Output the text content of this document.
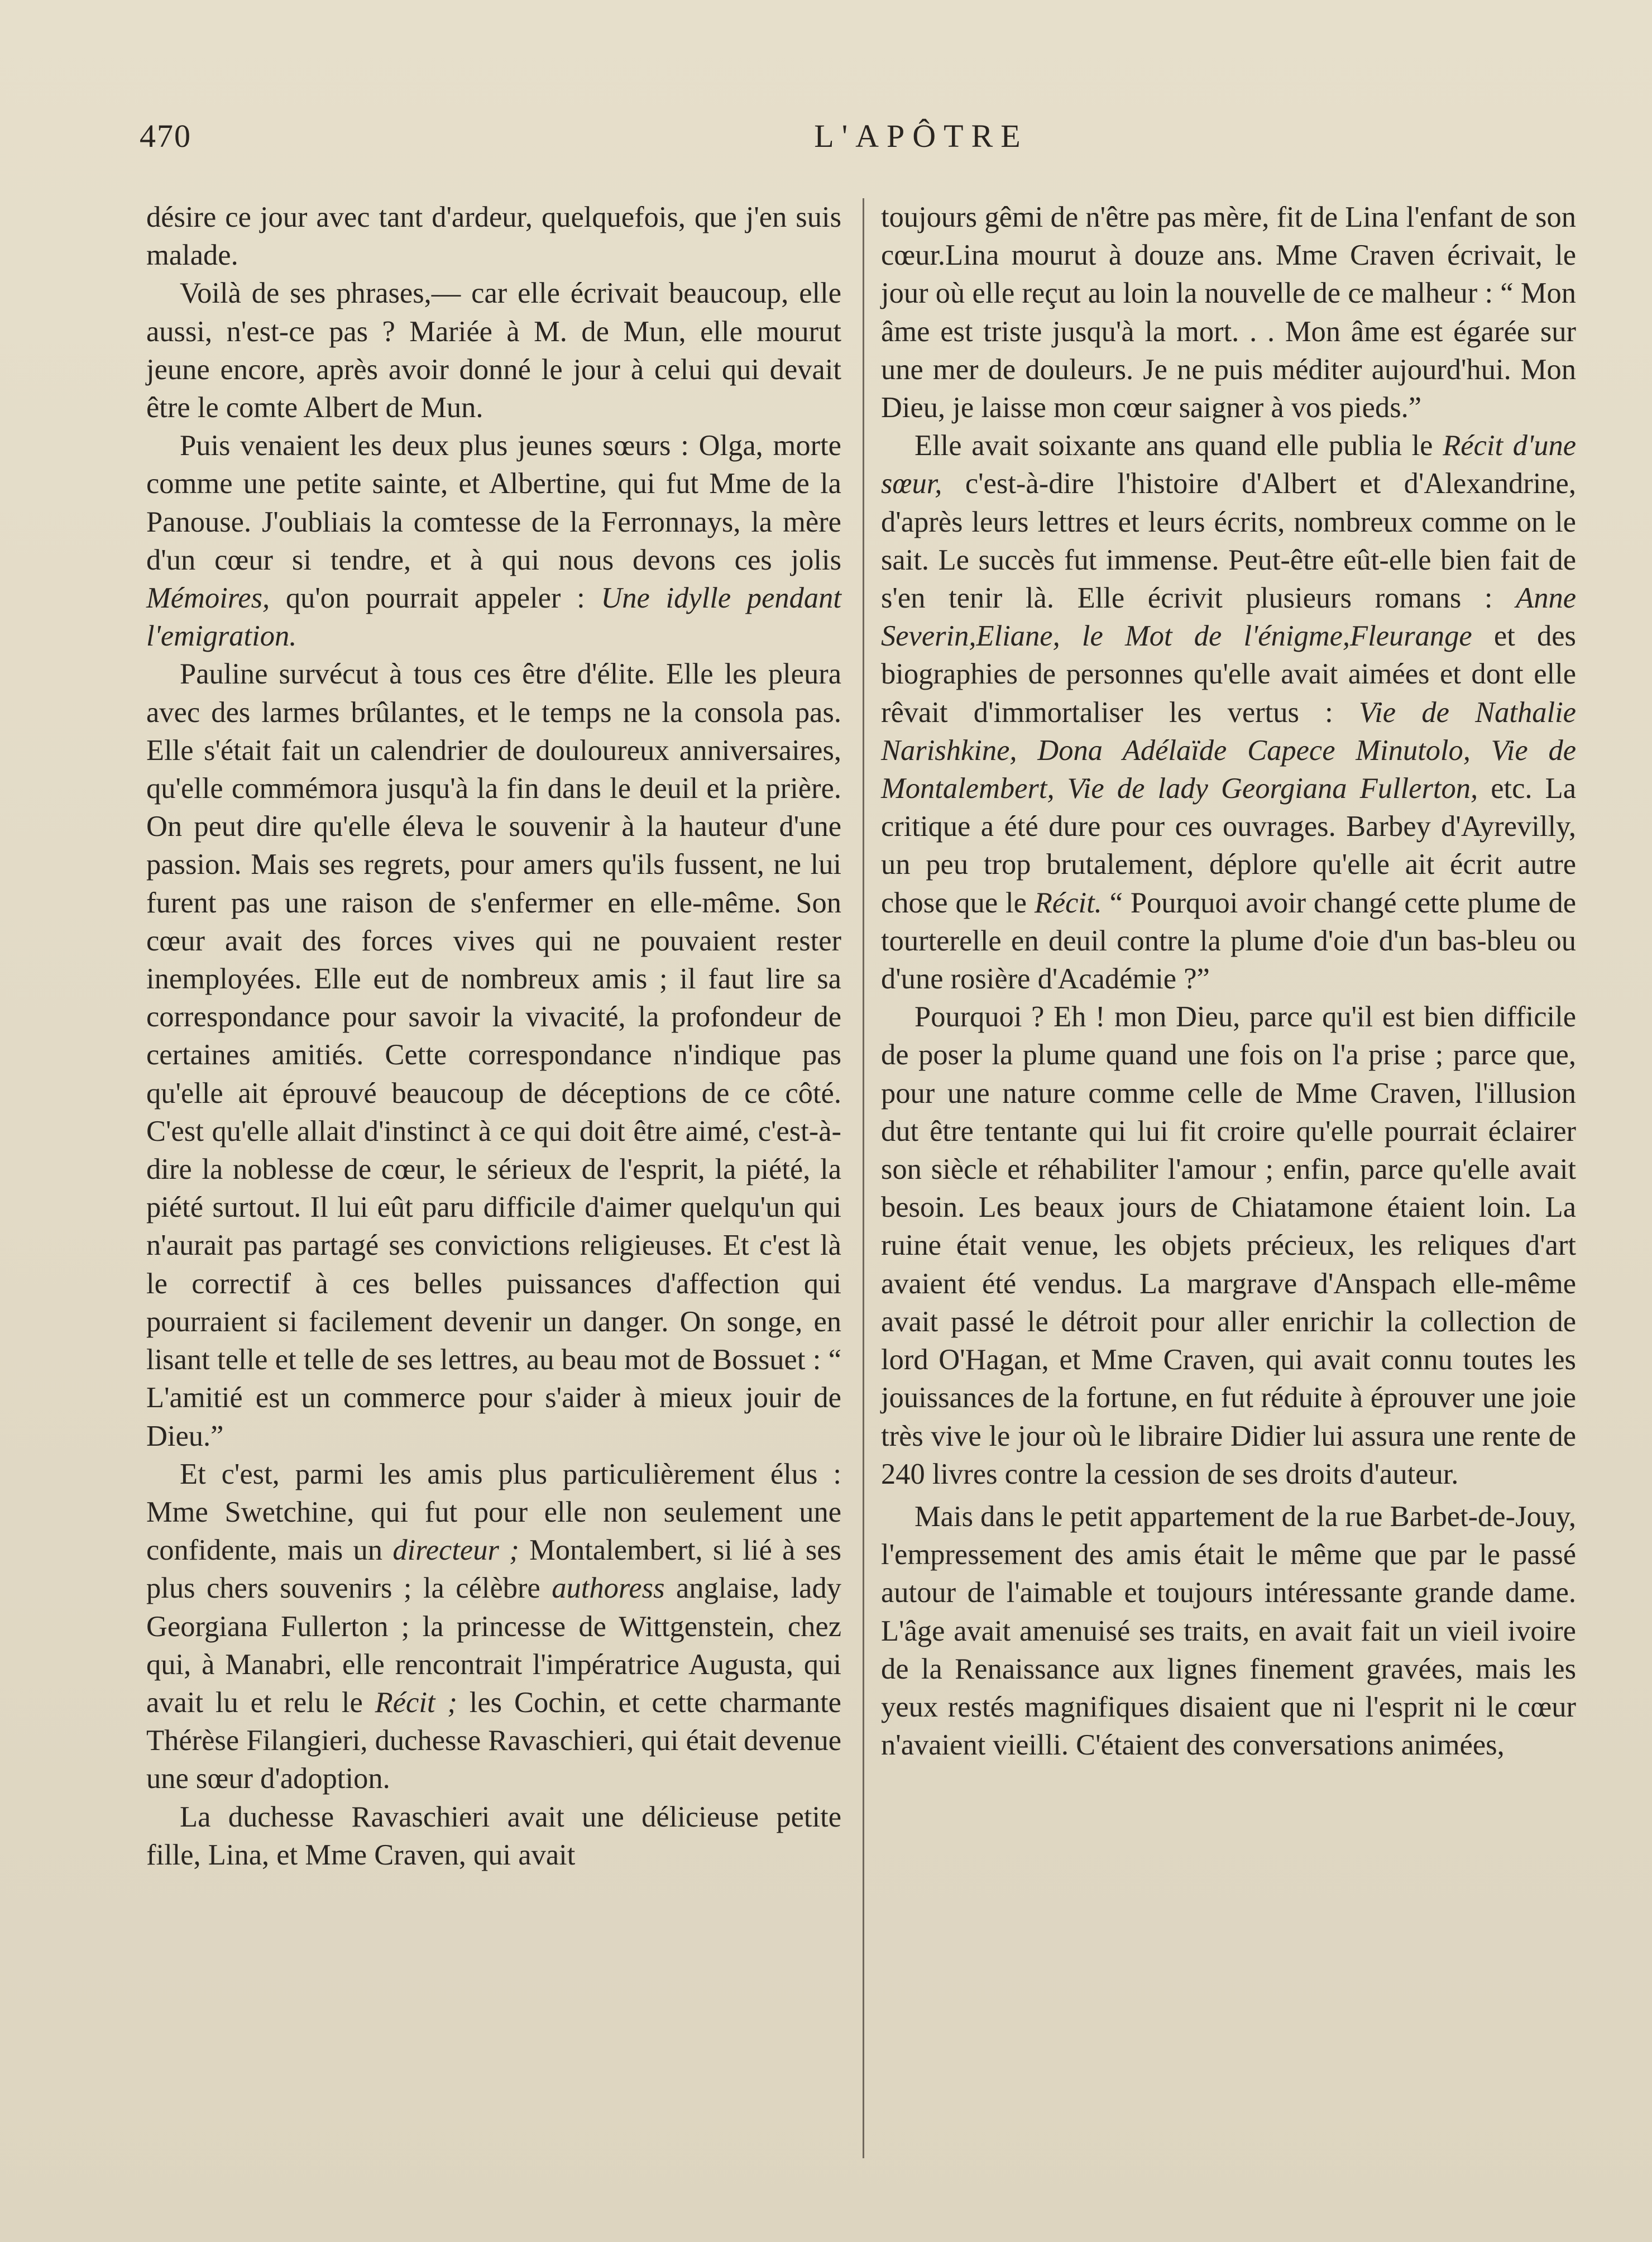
470	L'APÔTRE

désire ce jour avec tant d'ardeur, quelquefois, que j'en suis malade.

Voilà de ses phrases,— car elle écrivait beaucoup, elle aussi, n'est-ce pas ? Mariée à M. de Mun, elle mourut jeune encore, après avoir donné le jour à celui qui devait être le comte Albert de Mun.

Puis venaient les deux plus jeunes sœurs : Olga, morte comme une petite sainte, et Albertine, qui fut Mme de la Panouse. J'oubliais la comtesse de la Ferronnays, la mère d'un cœur si tendre, et à qui nous devons ces jolis Mémoires, qu'on pourrait appeler : Une idylle pendant l'emigration.

Pauline survécut à tous ces être d'élite. Elle les pleura avec des larmes brûlantes, et le temps ne la consola pas. Elle s'était fait un calendrier de douloureux anniversaires, qu'elle commémora jusqu'à la fin dans le deuil et la prière. On peut dire qu'elle éleva le souvenir à la hauteur d'une passion. Mais ses regrets, pour amers qu'ils fussent, ne lui furent pas une raison de s'enfermer en elle-même. Son cœur avait des forces vives qui ne pouvaient rester inemployées. Elle eut de nombreux amis ; il faut lire sa correspondance pour savoir la vivacité, la profondeur de certaines amitiés. Cette correspondance n'indique pas qu'elle ait éprouvé beaucoup de déceptions de ce côté. C'est qu'elle allait d'instinct à ce qui doit être aimé, c'est-à-dire la noblesse de cœur, le sérieux de l'esprit, la piété, la piété surtout. Il lui eût paru difficile d'aimer quelqu'un qui n'aurait pas partagé ses convictions religieuses. Et c'est là le correctif à ces belles puissances d'affection qui pourraient si facilement devenir un danger. On songe, en lisant telle et telle de ses lettres, au beau mot de Bossuet : “ L'amitié est un commerce pour s'aider à mieux jouir de Dieu.”

Et c'est, parmi les amis plus particulièrement élus : Mme Swetchine, qui fut pour elle non seulement une confidente, mais un directeur ; Montalembert, si lié à ses plus chers souvenirs ; la célèbre authoress anglaise, lady Georgiana Fullerton ; la princesse de Wittgenstein, chez qui, à Manabri, elle rencontrait l'impératrice Augusta, qui avait lu et relu le Récit ; les Cochin, et cette charmante Thérèse Filangieri, duchesse Ravaschieri, qui était devenue une sœur d'adoption.

La duchesse Ravaschieri avait une délicieuse petite fille, Lina, et Mme Craven, qui avait

toujours gêmi de n'être pas mère, fit de Lina l'enfant de son cœur.Lina mourut à douze ans. Mme Craven écrivait, le jour où elle reçut au loin la nouvelle de ce malheur : “ Mon âme est triste jusqu'à la mort. . . Mon âme est égarée sur une mer de douleurs. Je ne puis méditer aujourd'hui. Mon Dieu, je laisse mon cœur saigner à vos pieds.”

Elle avait soixante ans quand elle publia le Récit d'une sœur, c'est-à-dire l'histoire d'Albert et d'Alexandrine, d'après leurs lettres et leurs écrits, nombreux comme on le sait. Le succès fut immense. Peut-être eût-elle bien fait de s'en tenir là. Elle écrivit plusieurs romans : Anne Severin,Eliane, le Mot de l'énigme,Fleurange et des biographies de personnes qu'elle avait aimées et dont elle rêvait d'immortaliser les vertus : Vie de Nathalie Narishkine, Dona Adélaïde Capece Minutolo, Vie de Montalembert, Vie de lady Georgiana Fullerton, etc. La critique a été dure pour ces ouvrages. Barbey d'Ayrevilly, un peu trop brutalement, déplore qu'elle ait écrit autre chose que le Récit. “ Pourquoi avoir changé cette plume de tourterelle en deuil contre la plume d'oie d'un bas-bleu ou d'une rosière d'Académie ?”

Pourquoi ? Eh ! mon Dieu, parce qu'il est bien difficile de poser la plume quand une fois on l'a prise ; parce que, pour une nature comme celle de Mme Craven, l'illusion dut être tentante qui lui fit croire qu'elle pourrait éclairer son siècle et réhabiliter l'amour ; enfin, parce qu'elle avait besoin. Les beaux jours de Chiatamone étaient loin. La ruine était venue, les objets précieux, les reliques d'art avaient été vendus. La margrave d'Anspach elle-même avait passé le détroit pour aller enrichir la collection de lord O'Hagan, et Mme Craven, qui avait connu toutes les jouissances de la fortune, en fut réduite à éprouver une joie très vive le jour où le libraire Didier lui assura une rente de 240 livres contre la cession de ses droits d'auteur.

Mais dans le petit appartement de la rue Barbet-de-Jouy, l'empressement des amis était le même que par le passé autour de l'aimable et toujours intéressante grande dame. L'âge avait amenuisé ses traits, en avait fait un vieil ivoire de la Renaissance aux lignes finement gravées, mais les yeux restés magnifiques disaient que ni l'esprit ni le cœur n'avaient vieilli. C'étaient des conversations animées,
